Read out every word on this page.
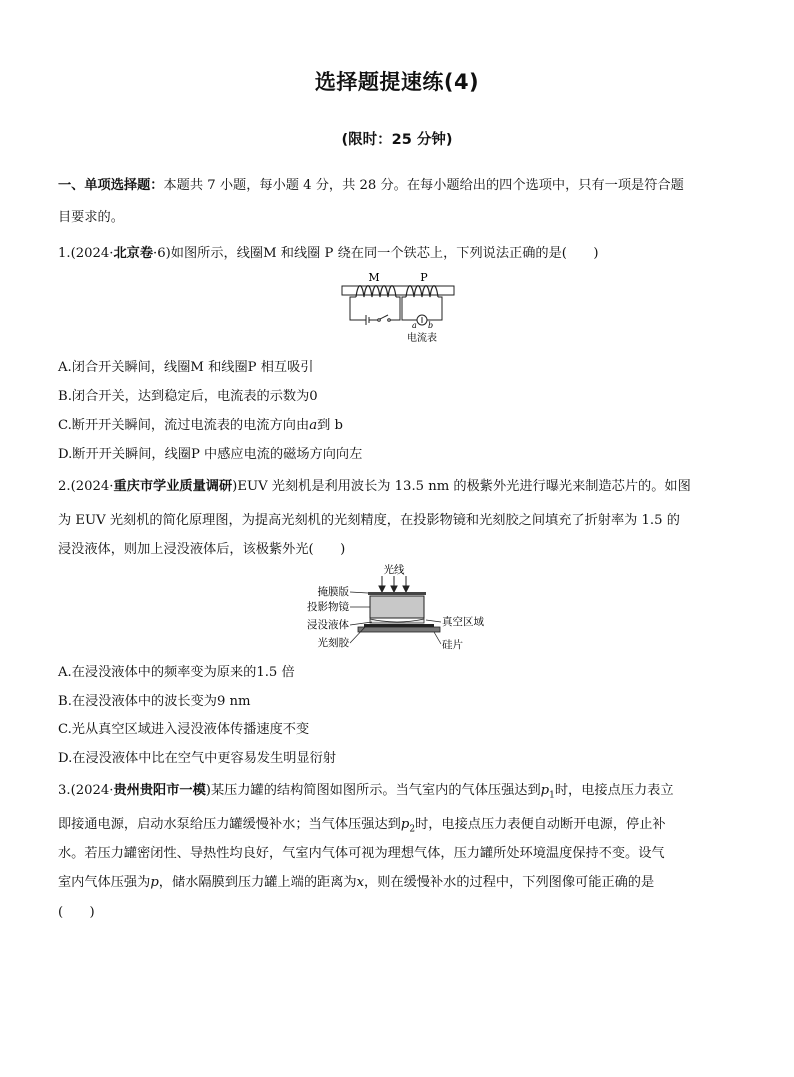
选择题提速练(4)
(限时：25 分钟)
一、单项选择题：本题共 7 小题，每小题 4 分，共 28 分。在每小题给出的四个选项中，只有一项是符合题
目要求的。
1.(2024·北京卷·6)如图所示，线圈M 和线圈 P 绕在同一个铁芯上，下列说法正确的是(　　)
M	P
a b
电流表
A.闭合开关瞬间，线圈M 和线圈P 相互吸引
B.闭合开关，达到稳定后，电流表的示数为0
C.断开开关瞬间，流过电流表的电流方向由a到 b
D.断开开关瞬间，线圈P 中感应电流的磁场方向向左
2.(2024·重庆市学业质量调研)EUV 光刻机是利用波长为 13.5 nm 的极紫外光进行曝光来制造芯片的。如图
为 EUV 光刻机的简化原理图，为提高光刻机的光刻精度，在投影物镜和光刻胶之间填充了折射率为 1.5 的
浸没液体，则加上浸没液体后，该极紫外光(　　)
光线
掩膜版
投影物镜
浸没液体
光刻胶
真空区域
硅片
A.在浸没液体中的频率变为原来的1.5 倍
B.在浸没液体中的波长变为9 nm
C.光从真空区域进入浸没液体传播速度不变
D.在浸没液体中比在空气中更容易发生明显衍射
3.(2024·贵州贵阳市一模)某压力罐的结构简图如图所示。当气室内的气体压强达到$p_1$时，电接点压力表立
即接通电源，启动水泵给压力罐缓慢补水；当气体压强达到$p_2$时，电接点压力表便自动断开电源，停止补
水。若压力罐密闭性、导热性均良好，气室内气体可视为理想气体，压力罐所处环境温度保持不变。设气
室内气体压强为p，储水隔膜到压力罐上端的距离为x，则在缓慢补水的过程中，下列图像可能正确的是
(　　)
